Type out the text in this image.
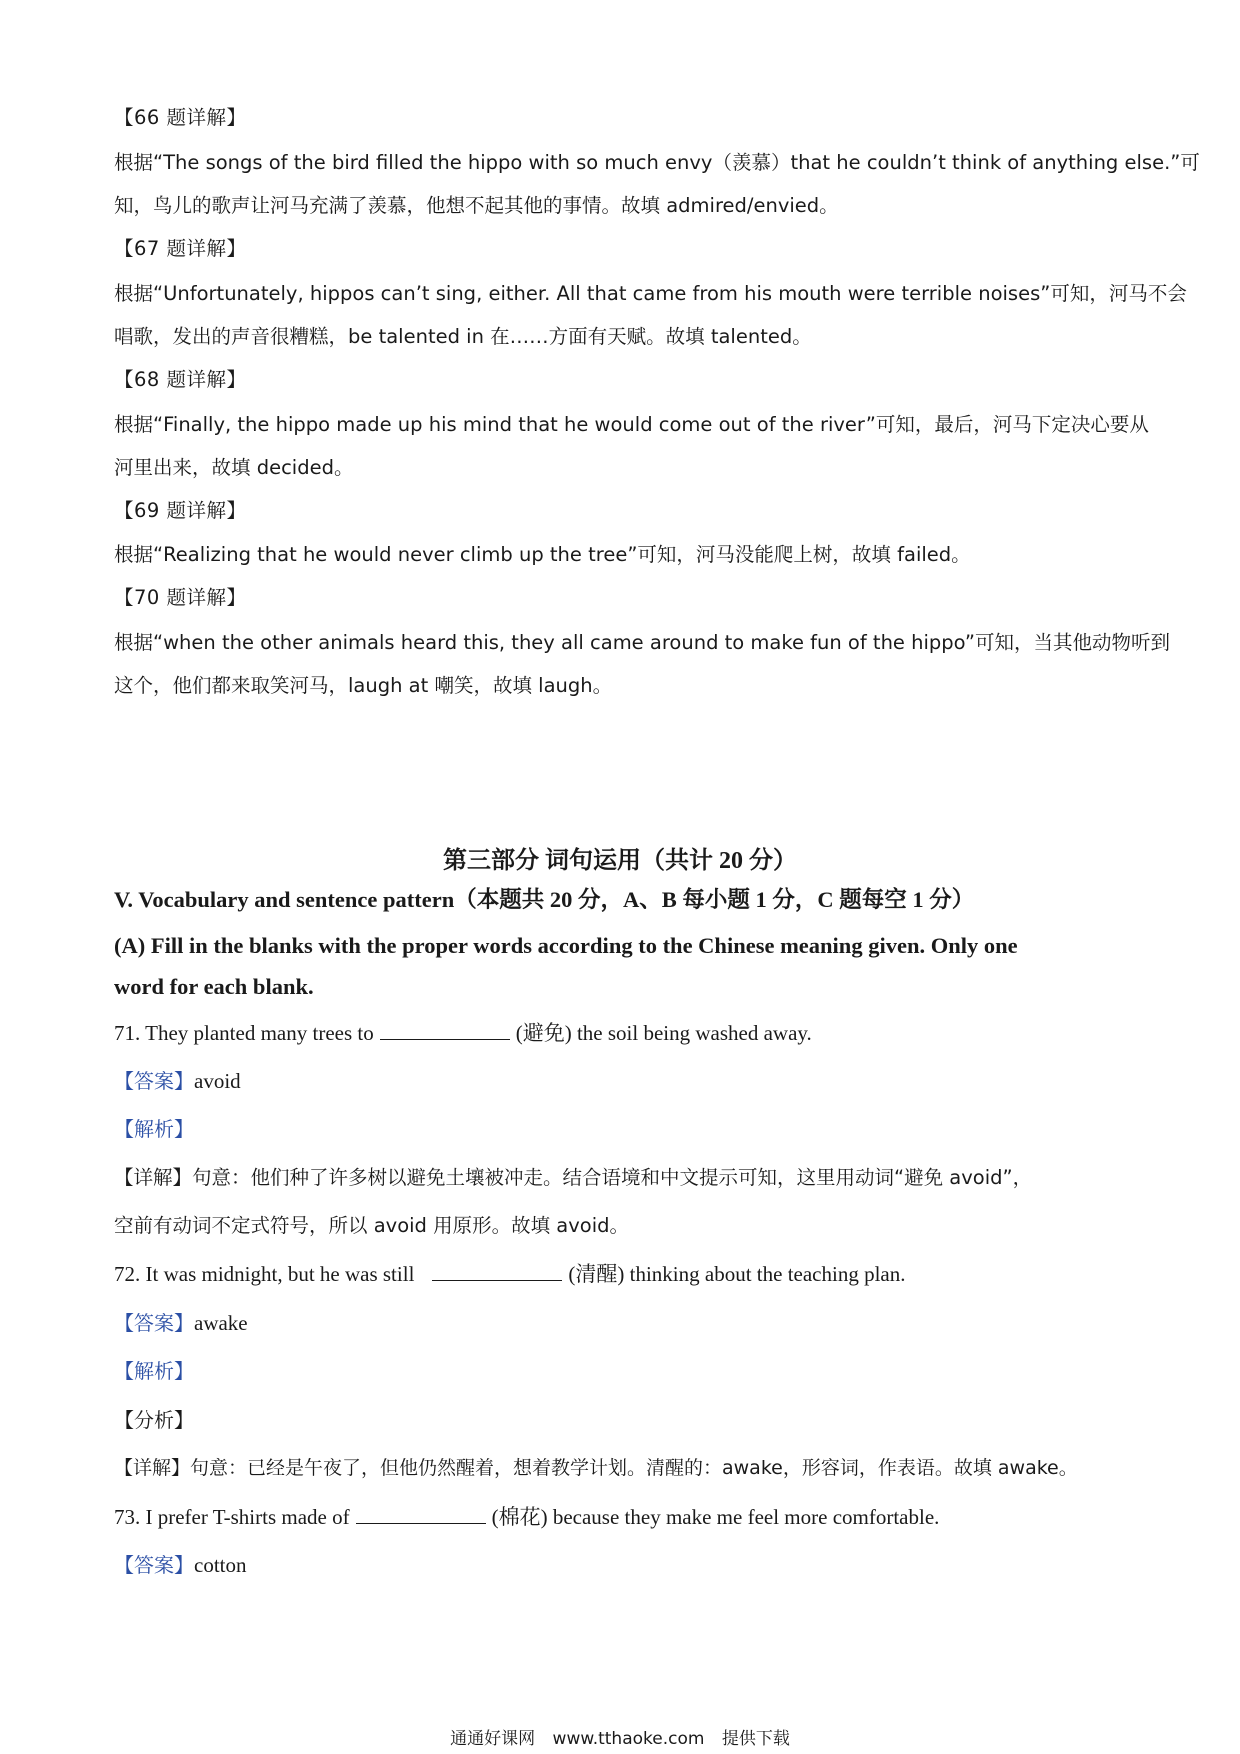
【66 题详解】
根据“The songs of the bird filled the hippo with so much envy（羡慕）that he couldn’t think of anything else.”可
知，鸟儿的歌声让河马充满了羡慕，他想不起其他的事情。故填 admired/envied。
【67 题详解】
根据“Unfortunately, hippos can’t sing, either. All that came from his mouth were terrible noises”可知，河马不会
唱歌，发出的声音很糟糕，be talented in 在……方面有天赋。故填 talented。
【68 题详解】
根据“Finally, the hippo made up his mind that he would come out of the river”可知，最后，河马下定决心要从
河里出来，故填 decided。
【69 题详解】
根据“Realizing that he would never climb up the tree”可知，河马没能爬上树，故填 failed。
【70 题详解】
根据“when the other animals heard this, they all came around to make fun of the hippo”可知，当其他动物听到
这个，他们都来取笑河马，laugh at 嘲笑，故填 laugh。
第三部分 词句运用（共计 20 分）
V. Vocabulary and sentence pattern（本题共 20 分，A、B 每小题 1 分，C 题每空 1 分）
(A) Fill in the blanks with the proper words according to the Chinese meaning given. Only one
word for each blank.
71. They planted many trees to	(避免) the soil being washed away.
【答案】avoid
【解析】
【详解】句意：他们种了许多树以避免土壤被冲走。结合语境和中文提示可知，这里用动词“避免 avoid”，
空前有动词不定式符号，所以 avoid 用原形。故填 avoid。
72. It was midnight, but he was still	(清醒) thinking about the teaching plan.
【答案】awake
【解析】
【分析】
【详解】句意：已经是午夜了，但他仍然醒着，想着教学计划。清醒的：awake，形容词，作表语。故填 awake。
73. I prefer T-shirts made of	(棉花) because they make me feel more comfortable.
【答案】cotton
通通好课网 www.tthaoke.com 提供下载
